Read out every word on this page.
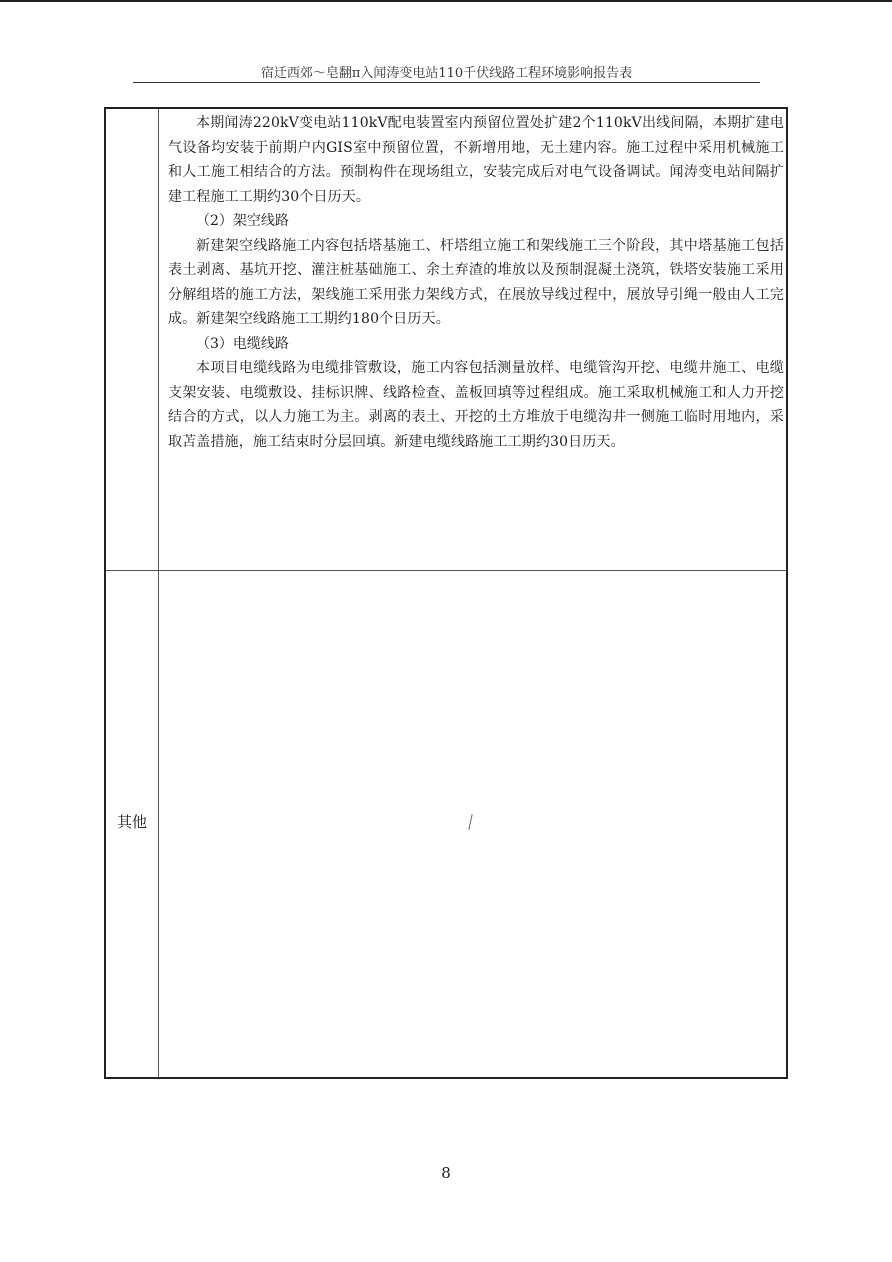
宿迁西郊～皂翻π入闻涛变电站110千伏线路工程环境影响报告表

本期闻涛220kV变电站110kV配电装置室内预留位置处扩建2个110kV出线间隔，本期扩建电气设备均安装于前期户内GIS室中预留位置，不新增用地，无土建内容。施工过程中采用机械施工和人工施工相结合的方法。预制构件在现场组立，安装完成后对电气设备调试。闻涛变电站间隔扩建工程施工工期约30个日历天。

（2）架空线路

新建架空线路施工内容包括塔基施工、杆塔组立施工和架线施工三个阶段，其中塔基施工包括表土剥离、基坑开挖、灌注桩基础施工、余土弃渣的堆放以及预制混凝土浇筑，铁塔安装施工采用分解组塔的施工方法，架线施工采用张力架线方式，在展放导线过程中，展放导引绳一般由人工完成。新建架空线路施工工期约180个日历天。

（3）电缆线路

本项目电缆线路为电缆排管敷设，施工内容包括测量放样、电缆管沟开挖、电缆井施工、电缆支架安装、电缆敷设、挂标识牌、线路检查、盖板回填等过程组成。施工采取机械施工和人力开挖结合的方式，以人力施工为主。剥离的表土、开挖的土方堆放于电缆沟井一侧施工临时用地内，采取苫盖措施，施工结束时分层回填。新建电缆线路施工工期约30日历天。

其他
8
